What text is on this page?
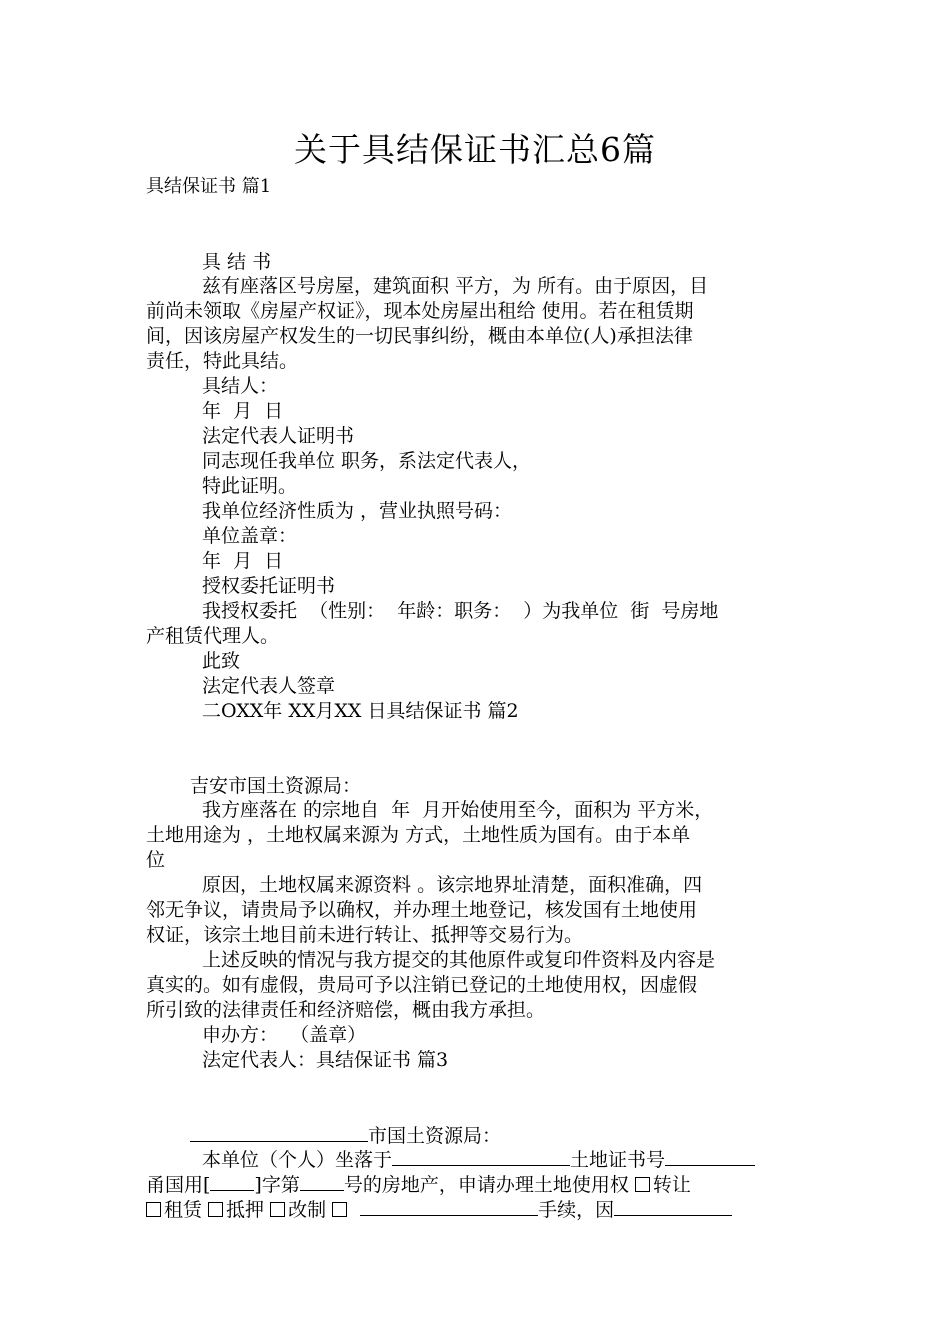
关于具结保证书汇总6篇
具结保证书 篇1
具 结 书
兹有座落区号房屋，建筑面积 平方，为 所有。由于原因，目
前尚未领取《房屋产权证》，现本处房屋出租给 使用。若在租赁期
间，因该房屋产权发生的一切民事纠纷，概由本单位(人)承担法律
责任，特此具结。
具结人：
年  月  日
法定代表人证明书
同志现任我单位 职务，系法定代表人，
特此证明。
我单位经济性质为 ，营业执照号码：
单位盖章：
年  月  日
授权委托证明书
我授权委托  （性别：  年龄：职务：  ）为我单位  街  号房地
产租赁代理人。
此致
法定代表人签章
二OXX年 XX月XX 日具结保证书 篇2
吉安市国土资源局：
我方座落在 的宗地自  年  月开始使用至今，面积为 平方米，
土地用途为 ，土地权属来源为 方式，土地性质为国有。由于本单
位
原因，土地权属来源资料 。该宗地界址清楚，面积准确，四
邻无争议，请贵局予以确权，并办理土地登记，核发国有土地使用
权证，该宗土地目前未进行转让、抵押等交易行为。
上述反映的情况与我方提交的其他原件或复印件资料及内容是
真实的。如有虚假，贵局可予以注销已登记的土地使用权，因虚假
所引致的法律责任和经济赔偿，概由我方承担。
申办方：  （盖章）
法定代表人：具结保证书 篇3
市国土资源局：
本单位（个人）坐落于	土地证书号
甬国用[ ]字第 号的房地产，申请办理土地使用权 转让
租赁 抵押 改制	手续，因
